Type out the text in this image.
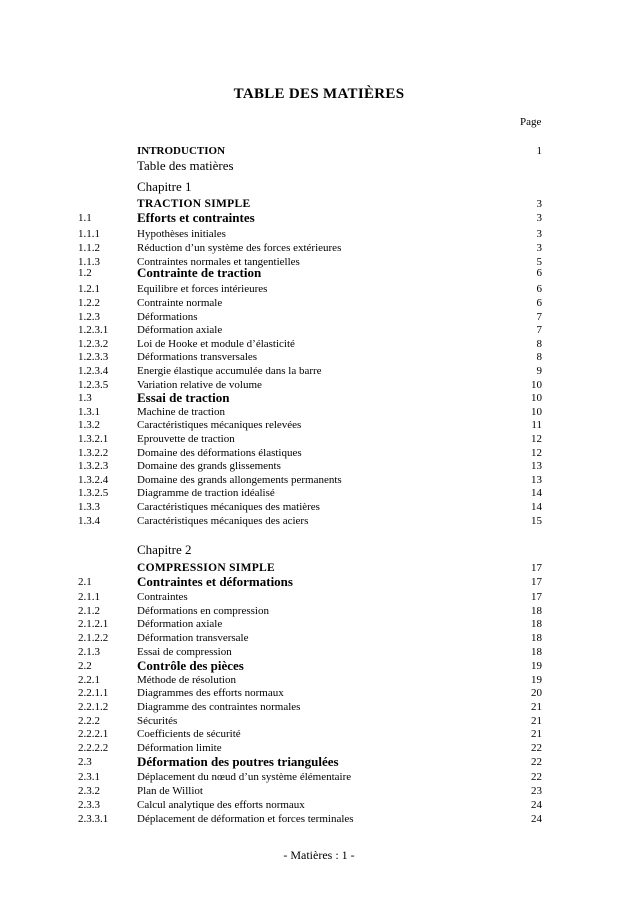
TABLE DES MATIÈRES
Page
INTRODUCTION	1
Table des matières
Chapitre 1
TRACTION SIMPLE	3
1.1	Efforts et contraintes	3
1.1.1	Hypothèses initiales	3
1.1.2	Réduction d’un système des forces extérieures	3
1.1.3	Contraintes normales et tangentielles	5
1.2	Contrainte de traction	6
1.2.1	Equilibre et forces intérieures	6
1.2.2	Contrainte normale	6
1.2.3	Déformations	7
1.2.3.1	Déformation axiale	7
1.2.3.2	Loi de Hooke et module d’élasticité	8
1.2.3.3	Déformations transversales	8
1.2.3.4	Energie élastique accumulée dans la barre	9
1.2.3.5	Variation relative de volume	10
1.3	Essai de traction	10
1.3.1	Machine de traction	10
1.3.2	Caractéristiques mécaniques relevées	11
1.3.2.1	Eprouvette de traction	12
1.3.2.2	Domaine des déformations élastiques	12
1.3.2.3	Domaine des grands glissements	13
1.3.2.4	Domaine des grands allongements permanents	13
1.3.2.5	Diagramme de traction idéalisé	14
1.3.3	Caractéristiques mécaniques des matières	14
1.3.4	Caractéristiques mécaniques des aciers	15
Chapitre 2
COMPRESSION SIMPLE	17
2.1	Contraintes et déformations	17
2.1.1	Contraintes	17
2.1.2	Déformations en compression	18
2.1.2.1	Déformation axiale	18
2.1.2.2	Déformation transversale	18
2.1.3	Essai de compression	18
2.2	Contrôle des pièces	19
2.2.1	Méthode de résolution	19
2.2.1.1	Diagrammes des efforts normaux	20
2.2.1.2	Diagramme des contraintes normales	21
2.2.2	Sécurités	21
2.2.2.1	Coefficients de sécurité	21
2.2.2.2	Déformation limite	22
2.3	Déformation des poutres triangulées	22
2.3.1	Déplacement du nœud d’un système élémentaire	22
2.3.2	Plan de Williot	23
2.3.3	Calcul analytique des efforts normaux	24
2.3.3.1	Déplacement de déformation et forces terminales	24
- Matières : 1 -
